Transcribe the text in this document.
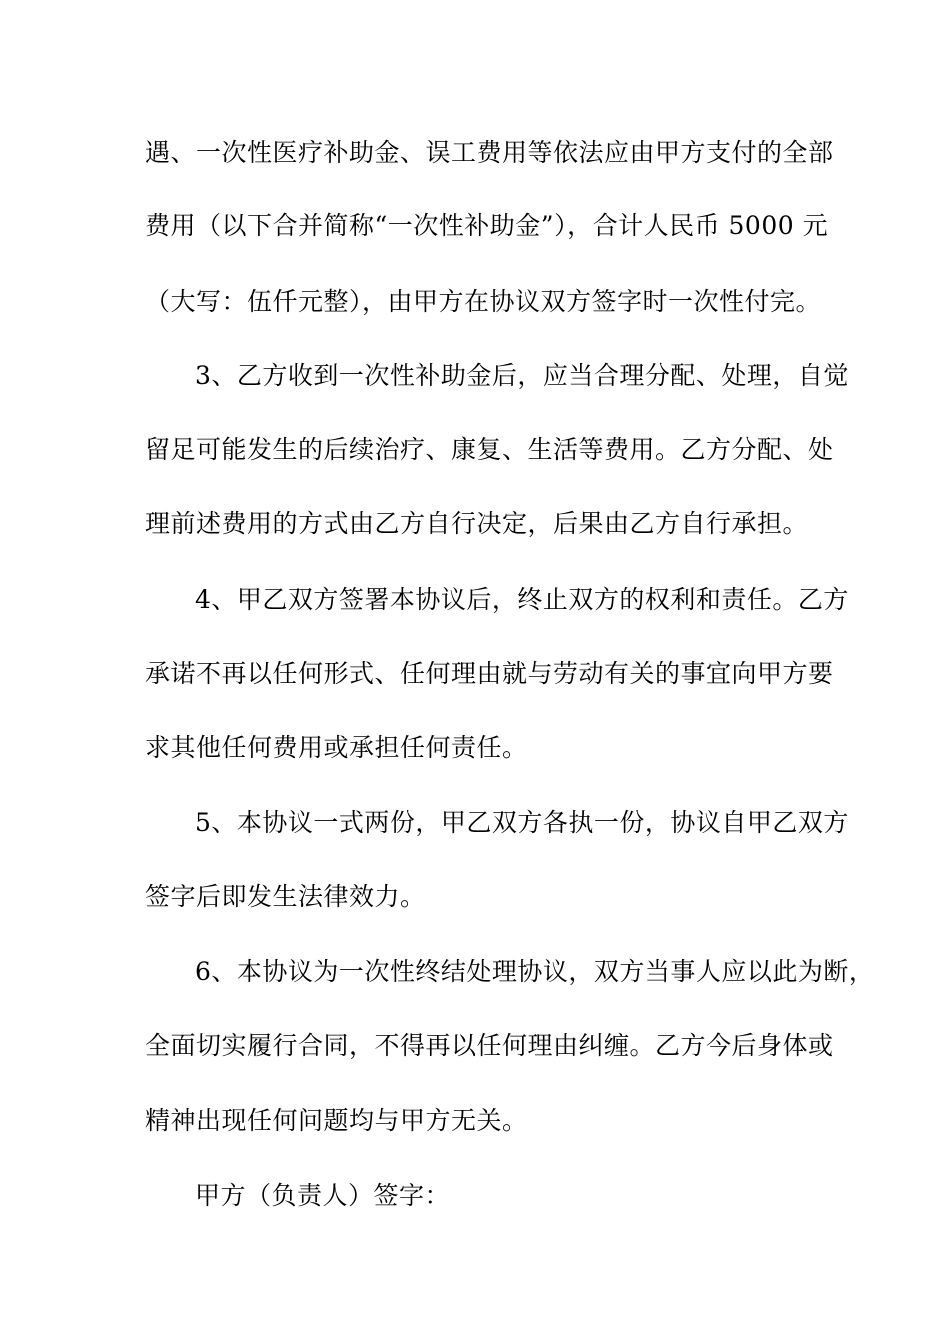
遇、一次性医疗补助金、误工费用等依法应由甲方支付的全部
费用（以下合并简称“一次性补助金”），合计人民币 5000 元
（大写：伍仟元整），由甲方在协议双方签字时一次性付完。
3、乙方收到一次性补助金后，应当合理分配、处理，自觉
留足可能发生的后续治疗、康复、生活等费用。乙方分配、处
理前述费用的方式由乙方自行决定，后果由乙方自行承担。
4、甲乙双方签署本协议后，终止双方的权利和责任。乙方
承诺不再以任何形式、任何理由就与劳动有关的事宜向甲方要
求其他任何费用或承担任何责任。
5、本协议一式两份，甲乙双方各执一份，协议自甲乙双方
签字后即发生法律效力。
6、本协议为一次性终结处理协议，双方当事人应以此为断，
全面切实履行合同，不得再以任何理由纠缠。乙方今后身体或
精神出现任何问题均与甲方无关。
甲方（负责人）签字：
